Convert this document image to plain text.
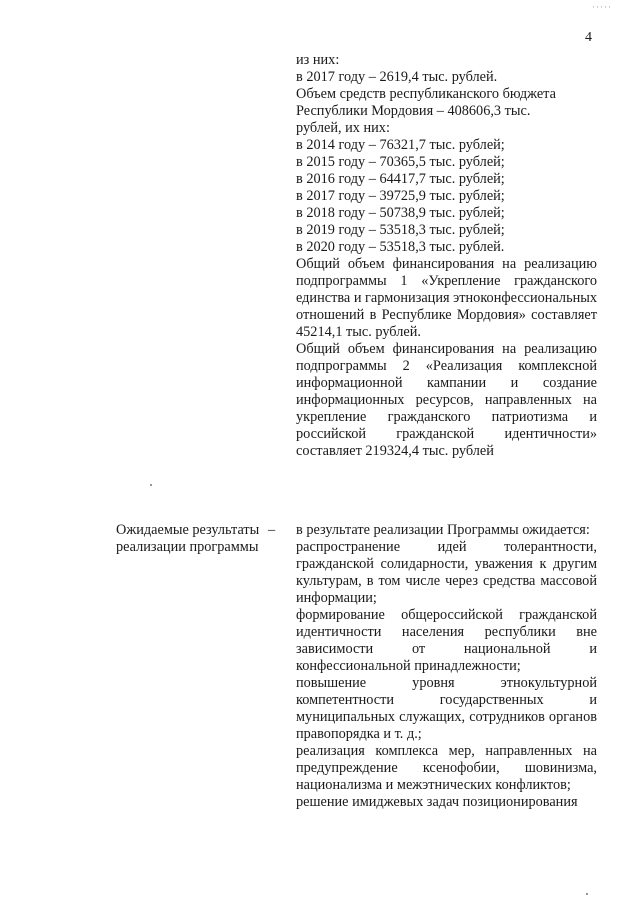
·····
4
из них:
в 2017 году – 2619,4 тыс. рублей.
Объем средств республиканского бюджета
Республики Мордовия – 408606,3 тыс.
рублей, их них:
в 2014 году – 76321,7 тыс. рублей;
в 2015 году – 70365,5 тыс. рублей;
в 2016 году – 64417,7 тыс. рублей;
в 2017 году – 39725,9 тыс. рублей;
в 2018 году – 50738,9 тыс. рублей;
в 2019 году – 53518,3 тыс. рублей;
в 2020 году – 53518,3 тыс. рублей.

Общий объем финансирования на реализацию подпрограммы 1 «Укрепление гражданского единства и гармонизация этноконфессиональных отношений в Республике Мордовия» составляет 45214,1 тыс. рублей.

Общий объем финансирования на реализацию подпрограммы 2 «Реализация комплексной информационной кампании и создание информационных ресурсов, направленных на укрепление гражданского патриотизма и российской гражданской идентичности» составляет 219324,4 тыс. рублей

Ожидаемые результаты
реализации программы
– в результате реализации Программы ожидается:

распространение идей толерантности, гражданской солидарности, уважения к другим культурам, в том числе через средства массовой информации;

формирование общероссийской гражданской идентичности населения республики вне зависимости от национальной и конфессиональной принадлежности;

повышение уровня этнокультурной компетентности государственных и муниципальных служащих, сотрудников органов правопорядка и т. д.;

реализация комплекса мер, направленных на предупреждение ксенофобии, шовинизма, национализма и межэтнических конфликтов;

решение имиджевых задач позиционирования
